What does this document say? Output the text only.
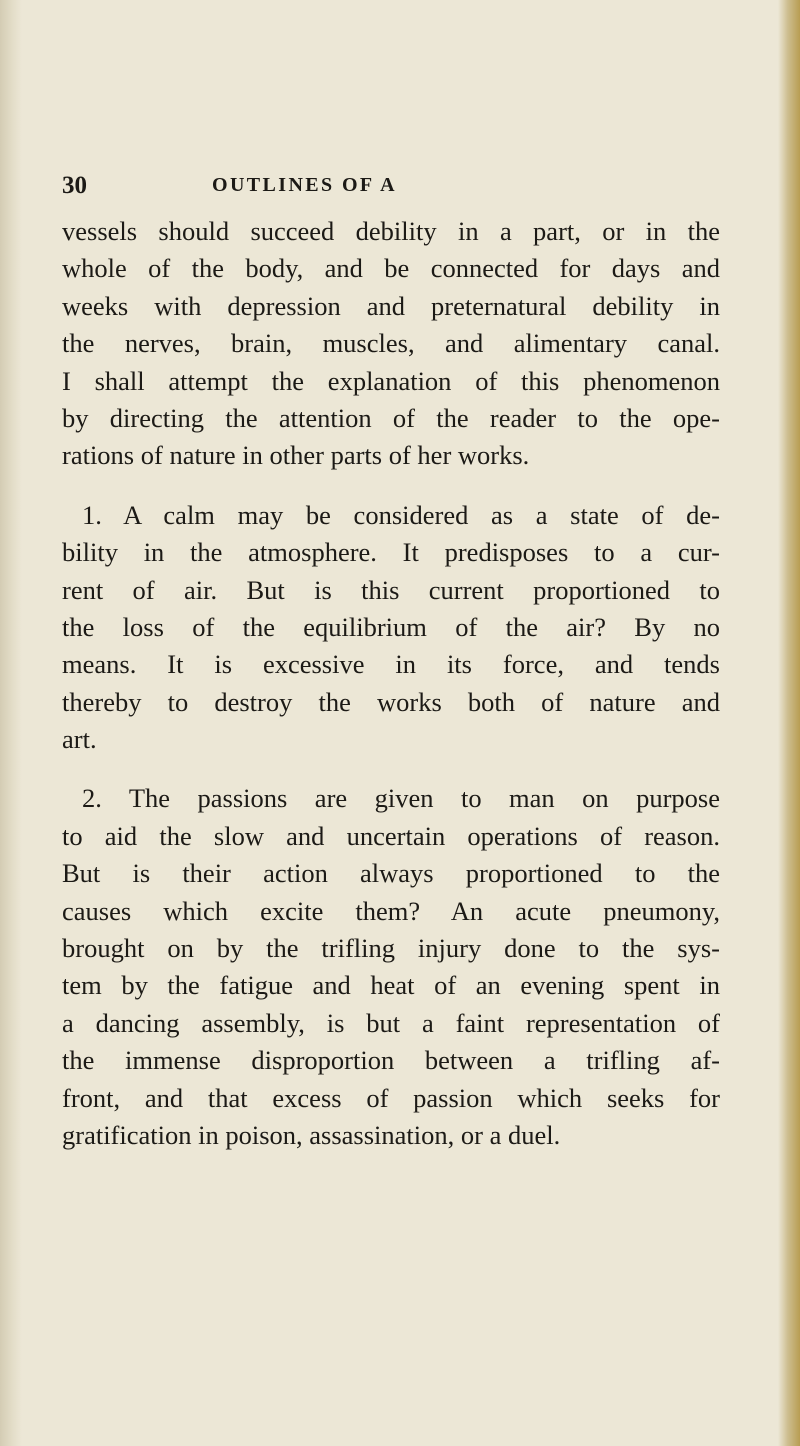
30	OUTLINES OF A
vessels should succeed debility in a part, or in the
whole of the body, and be connected for days and
weeks with depression and preternatural debility in
the nerves, brain, muscles, and alimentary canal.
I shall attempt the explanation of this phenomenon
by directing the attention of the reader to the ope-
rations of nature in other parts of her works.
1. A calm may be considered as a state of de-
bility in the atmosphere. It predisposes to a cur-
rent of air. But is this current proportioned to
the loss of the equilibrium of the air? By no
means. It is excessive in its force, and tends
thereby to destroy the works both of nature and
art.
2. The passions are given to man on purpose
to aid the slow and uncertain operations of reason.
But is their action always proportioned to the
causes which excite them? An acute pneumony,
brought on by the trifling injury done to the sys-
tem by the fatigue and heat of an evening spent in
a dancing assembly, is but a faint representation of
the immense disproportion between a trifling af-
front, and that excess of passion which seeks for
gratification in poison, assassination, or a duel.
